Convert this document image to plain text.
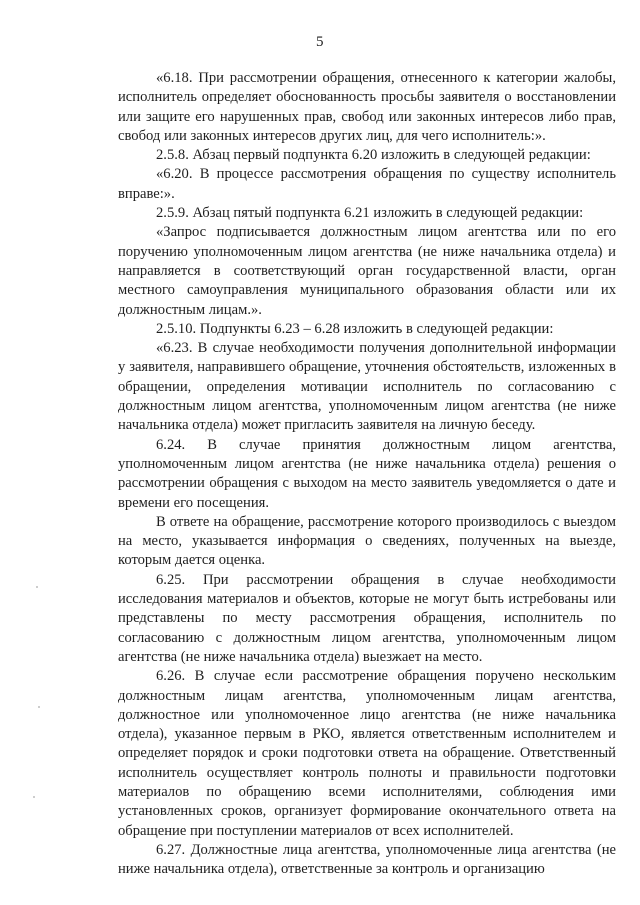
5

«6.18. При рассмотрении обращения, отнесенного к категории жалобы, исполнитель определяет обоснованность просьбы заявителя о восстановлении или защите его нарушенных прав, свобод или законных интересов либо прав, свобод или законных интересов других лиц, для чего исполнитель:».

2.5.8. Абзац первый подпункта 6.20 изложить в следующей редакции:

«6.20. В процессе рассмотрения обращения по существу исполнитель вправе:».

2.5.9. Абзац пятый подпункта 6.21 изложить в следующей редакции:

«Запрос подписывается должностным лицом агентства или по его поручению уполномоченным лицом агентства (не ниже начальника отдела) и направляется в соответствующий орган государственной власти, орган местного самоуправления муниципального образования области или их должностным лицам.».

2.5.10. Подпункты 6.23 – 6.28 изложить в следующей редакции:

«6.23. В случае необходимости получения дополнительной информации у заявителя, направившего обращение, уточнения обстоятельств, изложенных в обращении, определения мотивации исполнитель по согласованию с должностным лицом агентства, уполномоченным лицом агентства (не ниже начальника отдела) может пригласить заявителя на личную беседу.

6.24. В случае принятия должностным лицом агентства, уполномоченным лицом агентства (не ниже начальника отдела) решения о рассмотрении обращения с выходом на место заявитель уведомляется о дате и времени его посещения.

В ответе на обращение, рассмотрение которого производилось с выездом на место, указывается информация о сведениях, полученных на выезде, которым дается оценка.

6.25. При рассмотрении обращения в случае необходимости исследования материалов и объектов, которые не могут быть истребованы или представлены по месту рассмотрения обращения, исполнитель по согласованию с должностным лицом агентства, уполномоченным лицом агентства (не ниже начальника отдела) выезжает на место.

6.26. В случае если рассмотрение обращения поручено нескольким должностным лицам агентства, уполномоченным лицам агентства, должностное или уполномоченное лицо агентства (не ниже начальника отдела), указанное первым в РКО, является ответственным исполнителем и определяет порядок и сроки подготовки ответа на обращение. Ответственный исполнитель осуществляет контроль полноты и правильности подготовки материалов по обращению всеми исполнителями, соблюдения ими установленных сроков, организует формирование окончательного ответа на обращение при поступлении материалов от всех исполнителей.

6.27. Должностные лица агентства, уполномоченные лица агентства (не ниже начальника отдела), ответственные за контроль и организацию
